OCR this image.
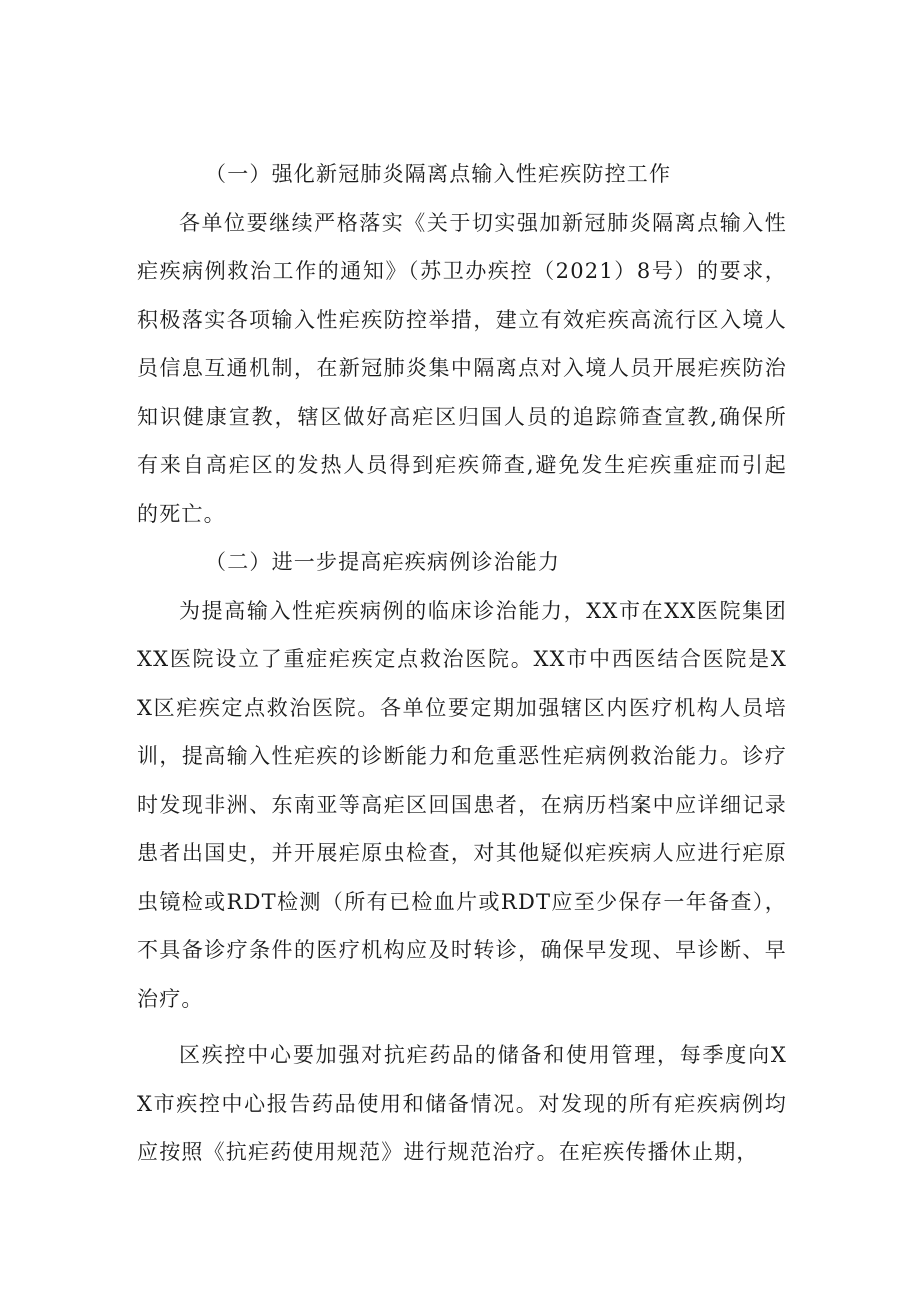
（一）强化新冠肺炎隔离点输入性疟疾防控工作

各单位要继续严格落实《关于切实强加新冠肺炎隔离点输入性疟疾病例救治工作的通知》（苏卫办疾控（2021）8号）的要求，积极落实各项输入性疟疾防控举措，建立有效疟疾高流行区入境人员信息互通机制，在新冠肺炎集中隔离点对入境人员开展疟疾防治知识健康宣教，辖区做好高疟区归国人员的追踪筛查宣教,确保所有来自高疟区的发热人员得到疟疾筛查,避免发生疟疾重症而引起的死亡。

（二）进一步提高疟疾病例诊治能力

为提高输入性疟疾病例的临床诊治能力，XX市在XX医院集团XX医院设立了重症疟疾定点救治医院。XX市中西医结合医院是XX区疟疾定点救治医院。各单位要定期加强辖区内医疗机构人员培训，提高输入性疟疾的诊断能力和危重恶性疟病例救治能力。诊疗时发现非洲、东南亚等高疟区回国患者，在病历档案中应详细记录患者出国史，并开展疟原虫检查，对其他疑似疟疾病人应进行疟原虫镜检或RDT检测（所有已检血片或RDT应至少保存一年备查），不具备诊疗条件的医疗机构应及时转诊，确保早发现、早诊断、早治疗。

区疾控中心要加强对抗疟药品的储备和使用管理，每季度向XX市疾控中心报告药品使用和储备情况。对发现的所有疟疾病例均应按照《抗疟药使用规范》进行规范治疗。在疟疾传播休止期，
